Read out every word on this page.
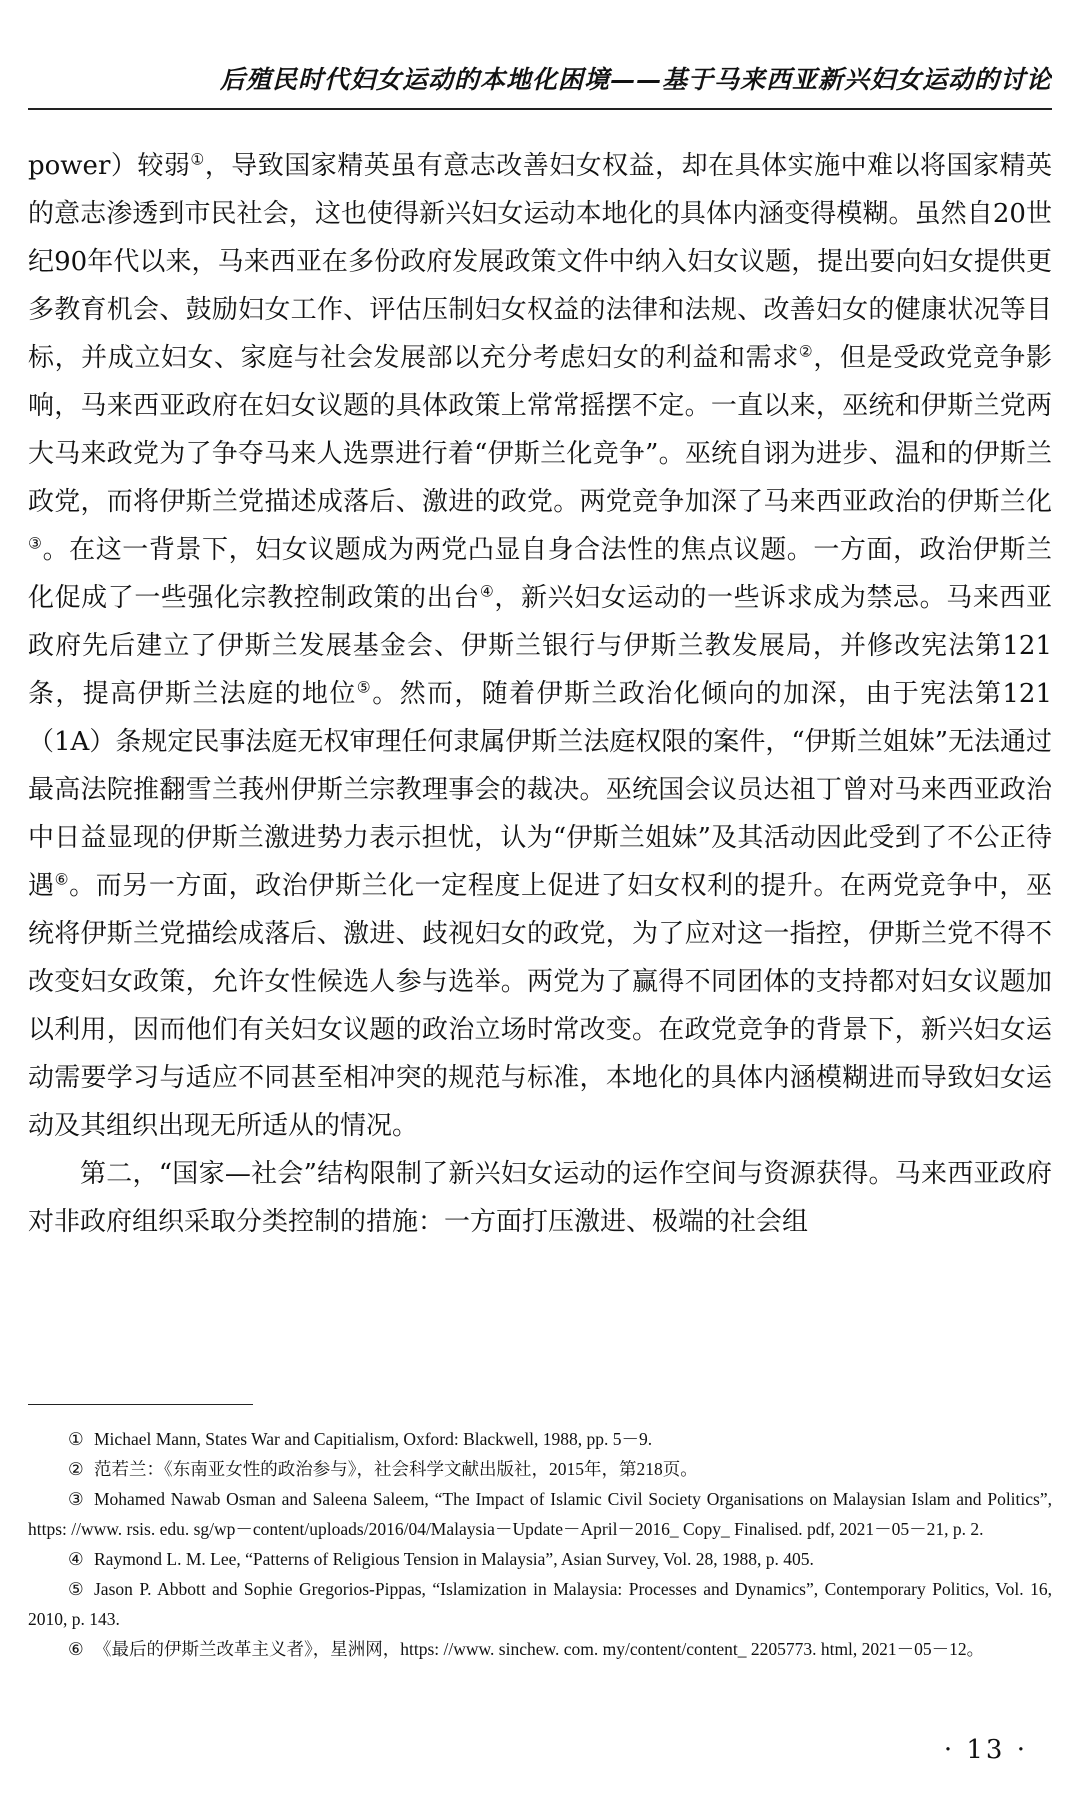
后殖民时代妇女运动的本地化困境——基于马来西亚新兴妇女运动的讨论

power）较弱①，导致国家精英虽有意志改善妇女权益，却在具体实施中难以将国家精英的意志渗透到市民社会，这也使得新兴妇女运动本地化的具体内涵变得模糊。虽然自20世纪90年代以来，马来西亚在多份政府发展政策文件中纳入妇女议题，提出要向妇女提供更多教育机会、鼓励妇女工作、评估压制妇女权益的法律和法规、改善妇女的健康状况等目标，并成立妇女、家庭与社会发展部以充分考虑妇女的利益和需求②，但是受政党竞争影响，马来西亚政府在妇女议题的具体政策上常常摇摆不定。一直以来，巫统和伊斯兰党两大马来政党为了争夺马来人选票进行着“伊斯兰化竞争”。巫统自诩为进步、温和的伊斯兰政党，而将伊斯兰党描述成落后、激进的政党。两党竞争加深了马来西亚政治的伊斯兰化③。在这一背景下，妇女议题成为两党凸显自身合法性的焦点议题。一方面，政治伊斯兰化促成了一些强化宗教控制政策的出台④，新兴妇女运动的一些诉求成为禁忌。马来西亚政府先后建立了伊斯兰发展基金会、伊斯兰银行与伊斯兰教发展局，并修改宪法第121条，提高伊斯兰法庭的地位⑤。然而，随着伊斯兰政治化倾向的加深，由于宪法第121（1A）条规定民事法庭无权审理任何隶属伊斯兰法庭权限的案件，“伊斯兰姐妹”无法通过最高法院推翻雪兰莪州伊斯兰宗教理事会的裁决。巫统国会议员达祖丁曾对马来西亚政治中日益显现的伊斯兰激进势力表示担忧，认为“伊斯兰姐妹”及其活动因此受到了不公正待遇⑥。而另一方面，政治伊斯兰化一定程度上促进了妇女权利的提升。在两党竞争中，巫统将伊斯兰党描绘成落后、激进、歧视妇女的政党，为了应对这一指控，伊斯兰党不得不改变妇女政策，允许女性候选人参与选举。两党为了赢得不同团体的支持都对妇女议题加以利用，因而他们有关妇女议题的政治立场时常改变。在政党竞争的背景下，新兴妇女运动需要学习与适应不同甚至相冲突的规范与标准，本地化的具体内涵模糊进而导致妇女运动及其组织出现无所适从的情况。

第二，“国家—社会”结构限制了新兴妇女运动的运作空间与资源获得。马来西亚政府对非政府组织采取分类控制的措施：一方面打压激进、极端的社会组

① Michael Mann, States War and Capitialism, Oxford: Blackwell, 1988, pp. 5－9.

② 范若兰：《东南亚女性的政治参与》，社会科学文献出版社，2015年，第218页。

③ Mohamed Nawab Osman and Saleena Saleem, “The Impact of Islamic Civil Society Organisations on Malaysian Islam and Politics”, https: //www. rsis. edu. sg/wp－content/uploads/2016/04/Malaysia－Update－April－2016_ Copy_ Finalised. pdf, 2021－05－21, p. 2.

④ Raymond L. M. Lee, “Patterns of Religious Tension in Malaysia”, Asian Survey, Vol. 28, 1988, p. 405.

⑤ Jason P. Abbott and Sophie Gregorios-Pippas, “Islamization in Malaysia: Processes and Dynamics”, Contemporary Politics, Vol. 16, 2010, p. 143.

⑥ 《最后的伊斯兰改革主义者》，星洲网，https: //www. sinchew. com. my/content/content_ 2205773. html, 2021－05－12。

· 13 ·
